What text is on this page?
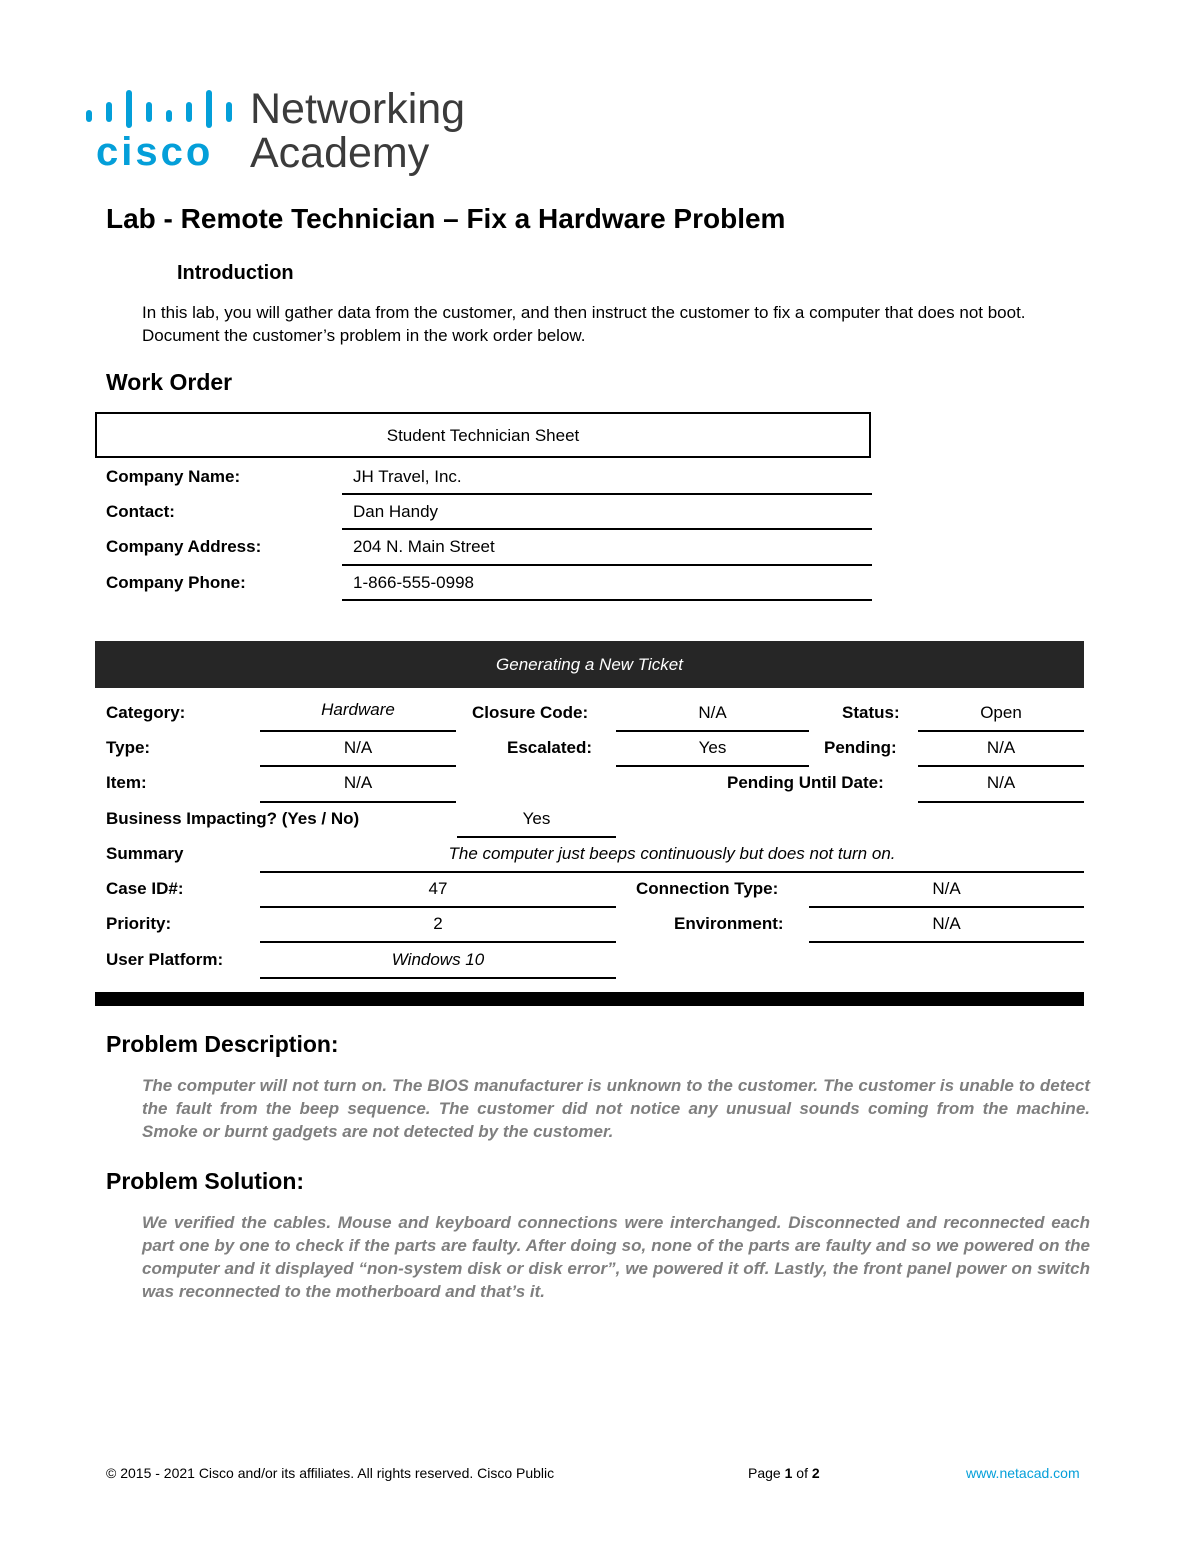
cisco
Networking
Academy
Lab - Remote Technician – Fix a Hardware Problem
Introduction
In this lab, you will gather data from the customer, and then instruct the customer to fix a computer that does not boot. Document the customer’s problem in the work order below.
Work Order
Student Technician Sheet
Company Name:	JH Travel, Inc.
Contact:	Dan Handy
Company Address:	204 N. Main Street
Company Phone:	1-866-555-0998
Generating a New Ticket
Category:	Hardware	Closure Code:	N/A	Status:	Open
Type:	N/A	Escalated:	Yes	Pending:	N/A
Item:	N/A	Pending Until Date:	N/A
Business Impacting? (Yes / No)	Yes
Summary	The computer just beeps continuously but does not turn on.
Case ID#:	47	Connection Type:	N/A
Priority:	2	Environment:	N/A
User Platform:	Windows 10
Problem Description:
The computer will not turn on. The BIOS manufacturer is unknown to the customer. The customer is unable to detect the fault from the beep sequence. The customer did not notice any unusual sounds coming from the machine. Smoke or burnt gadgets are not detected by the customer.
Problem Solution:
We verified the cables. Mouse and keyboard connections were interchanged. Disconnected and reconnected each part one by one to check if the parts are faulty. After doing so, none of the parts are faulty and so we powered on the computer and it displayed “non-system disk or disk error”, we powered it off. Lastly, the front panel power on switch was reconnected to the motherboard and that’s it.
© 2015 - 2021 Cisco and/or its affiliates. All rights reserved. Cisco Public	Page 1 of 2	www.netacad.com
